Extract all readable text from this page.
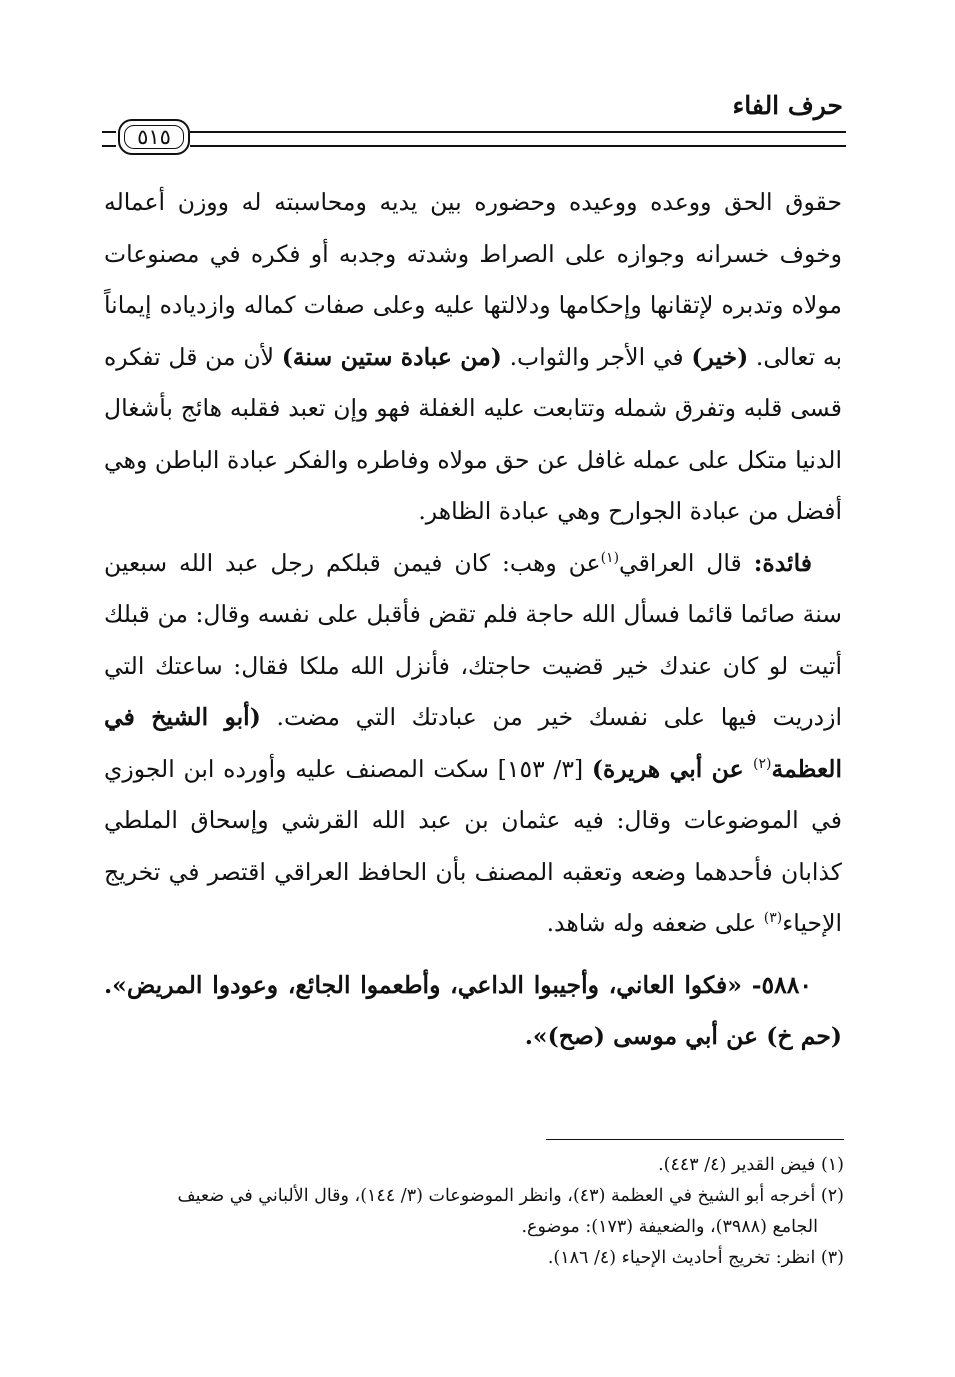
حرف الفاء
٥١٥

حقوق الحق ووعده ووعيده وحضوره بين يديه ومحاسبته له ووزن أعماله وخوف خسرانه وجوازه على الصراط وشدته وجدبه أو فكره في مصنوعات مولاه وتدبره لإتقانها وإحكامها ودلالتها عليه وعلى صفات كماله وازدياده إيماناً به تعالى. (خير) في الأجر والثواب. (من عبادة ستين سنة) لأن من قل تفكره قسى قلبه وتفرق شمله وتتابعت عليه الغفلة فهو وإن تعبد فقلبه هائج بأشغال الدنيا متكل على عمله غافل عن حق مولاه وفاطره والفكر عبادة الباطن وهي أفضل من عبادة الجوارح وهي عبادة الظاهر.

فائدة: قال العراقي$^{(١)}$عن وهب: كان فيمن قبلكم رجل عبد الله سبعين سنة صائما قائما فسأل الله حاجة فلم تقض فأقبل على نفسه وقال: من قبلك أتيت لو كان عندك خير قضيت حاجتك، فأنزل الله ملكا فقال: ساعتك التي ازدريت فيها على نفسك خير من عبادتك التي مضت. (أبو الشيخ في العظمة$^{(٢)}$ عن أبي هريرة) [٣/ ١٥٣] سكت المصنف عليه وأورده ابن الجوزي في الموضوعات وقال: فيه عثمان بن عبد الله القرشي وإسحاق الملطي كذابان فأحدهما وضعه وتعقبه المصنف بأن الحافظ العراقي اقتصر في تخريج الإحياء$^{(٣)}$ على ضعفه وله شاهد.

٥٨٨٠- «فكوا العاني، وأجيبوا الداعي، وأطعموا الجائع، وعودوا المريض». (حم خ) عن أبي موسى (صح)».

(١) فيض القدير (٤/ ٤٤٣).

(٢) أخرجه أبو الشيخ في العظمة (٤٣)، وانظر الموضوعات (٣/ ١٤٤)، وقال الألباني في ضعيف

الجامع (٣٩٨٨)، والضعيفة (١٧٣): موضوع.

(٣) انظر: تخريج أحاديث الإحياء (٤/ ١٨٦).
